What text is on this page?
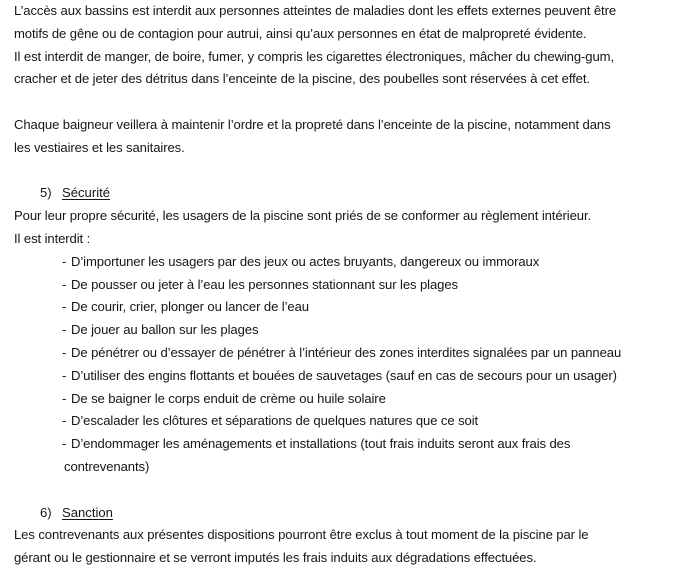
L’accès aux bassins est interdit aux personnes atteintes de maladies dont les effets externes peuvent être
motifs de gêne ou de contagion pour autrui, ainsi qu’aux personnes en état de malpropreté évidente.
Il est interdit de manger, de boire, fumer, y compris les cigarettes électroniques, mâcher du chewing-gum,
cracher et de jeter des détritus dans l’enceinte de la piscine, des poubelles sont réservées à cet effet.
Chaque baigneur veillera à maintenir l’ordre et la propreté dans l’enceinte de la piscine, notamment dans
les vestiaires et les sanitaires.
5) Sécurité
Pour leur propre sécurité, les usagers de la piscine sont priés de se conformer au règlement intérieur.
Il est interdit :
- D’importuner les usagers par des jeux ou actes bruyants, dangereux ou immoraux
- De pousser ou jeter à l’eau les personnes stationnant sur les plages
- De courir, crier, plonger ou lancer de l’eau
- De jouer au ballon sur les plages
- De pénétrer ou d’essayer de pénétrer à l’intérieur des zones interdites signalées par un panneau
- D’utiliser des engins flottants et bouées de sauvetages (sauf en cas de secours pour un usager)
- De se baigner le corps enduit de crème ou huile solaire
- D’escalader les clôtures et séparations de quelques natures que ce soit
- D’endommager les aménagements et installations (tout frais induits seront aux frais des
contrevenants)
6) Sanction
Les contrevenants aux présentes dispositions pourront être exclus à tout moment de la piscine par le
gérant ou le gestionnaire et se verront imputés les frais induits aux dégradations effectuées.
